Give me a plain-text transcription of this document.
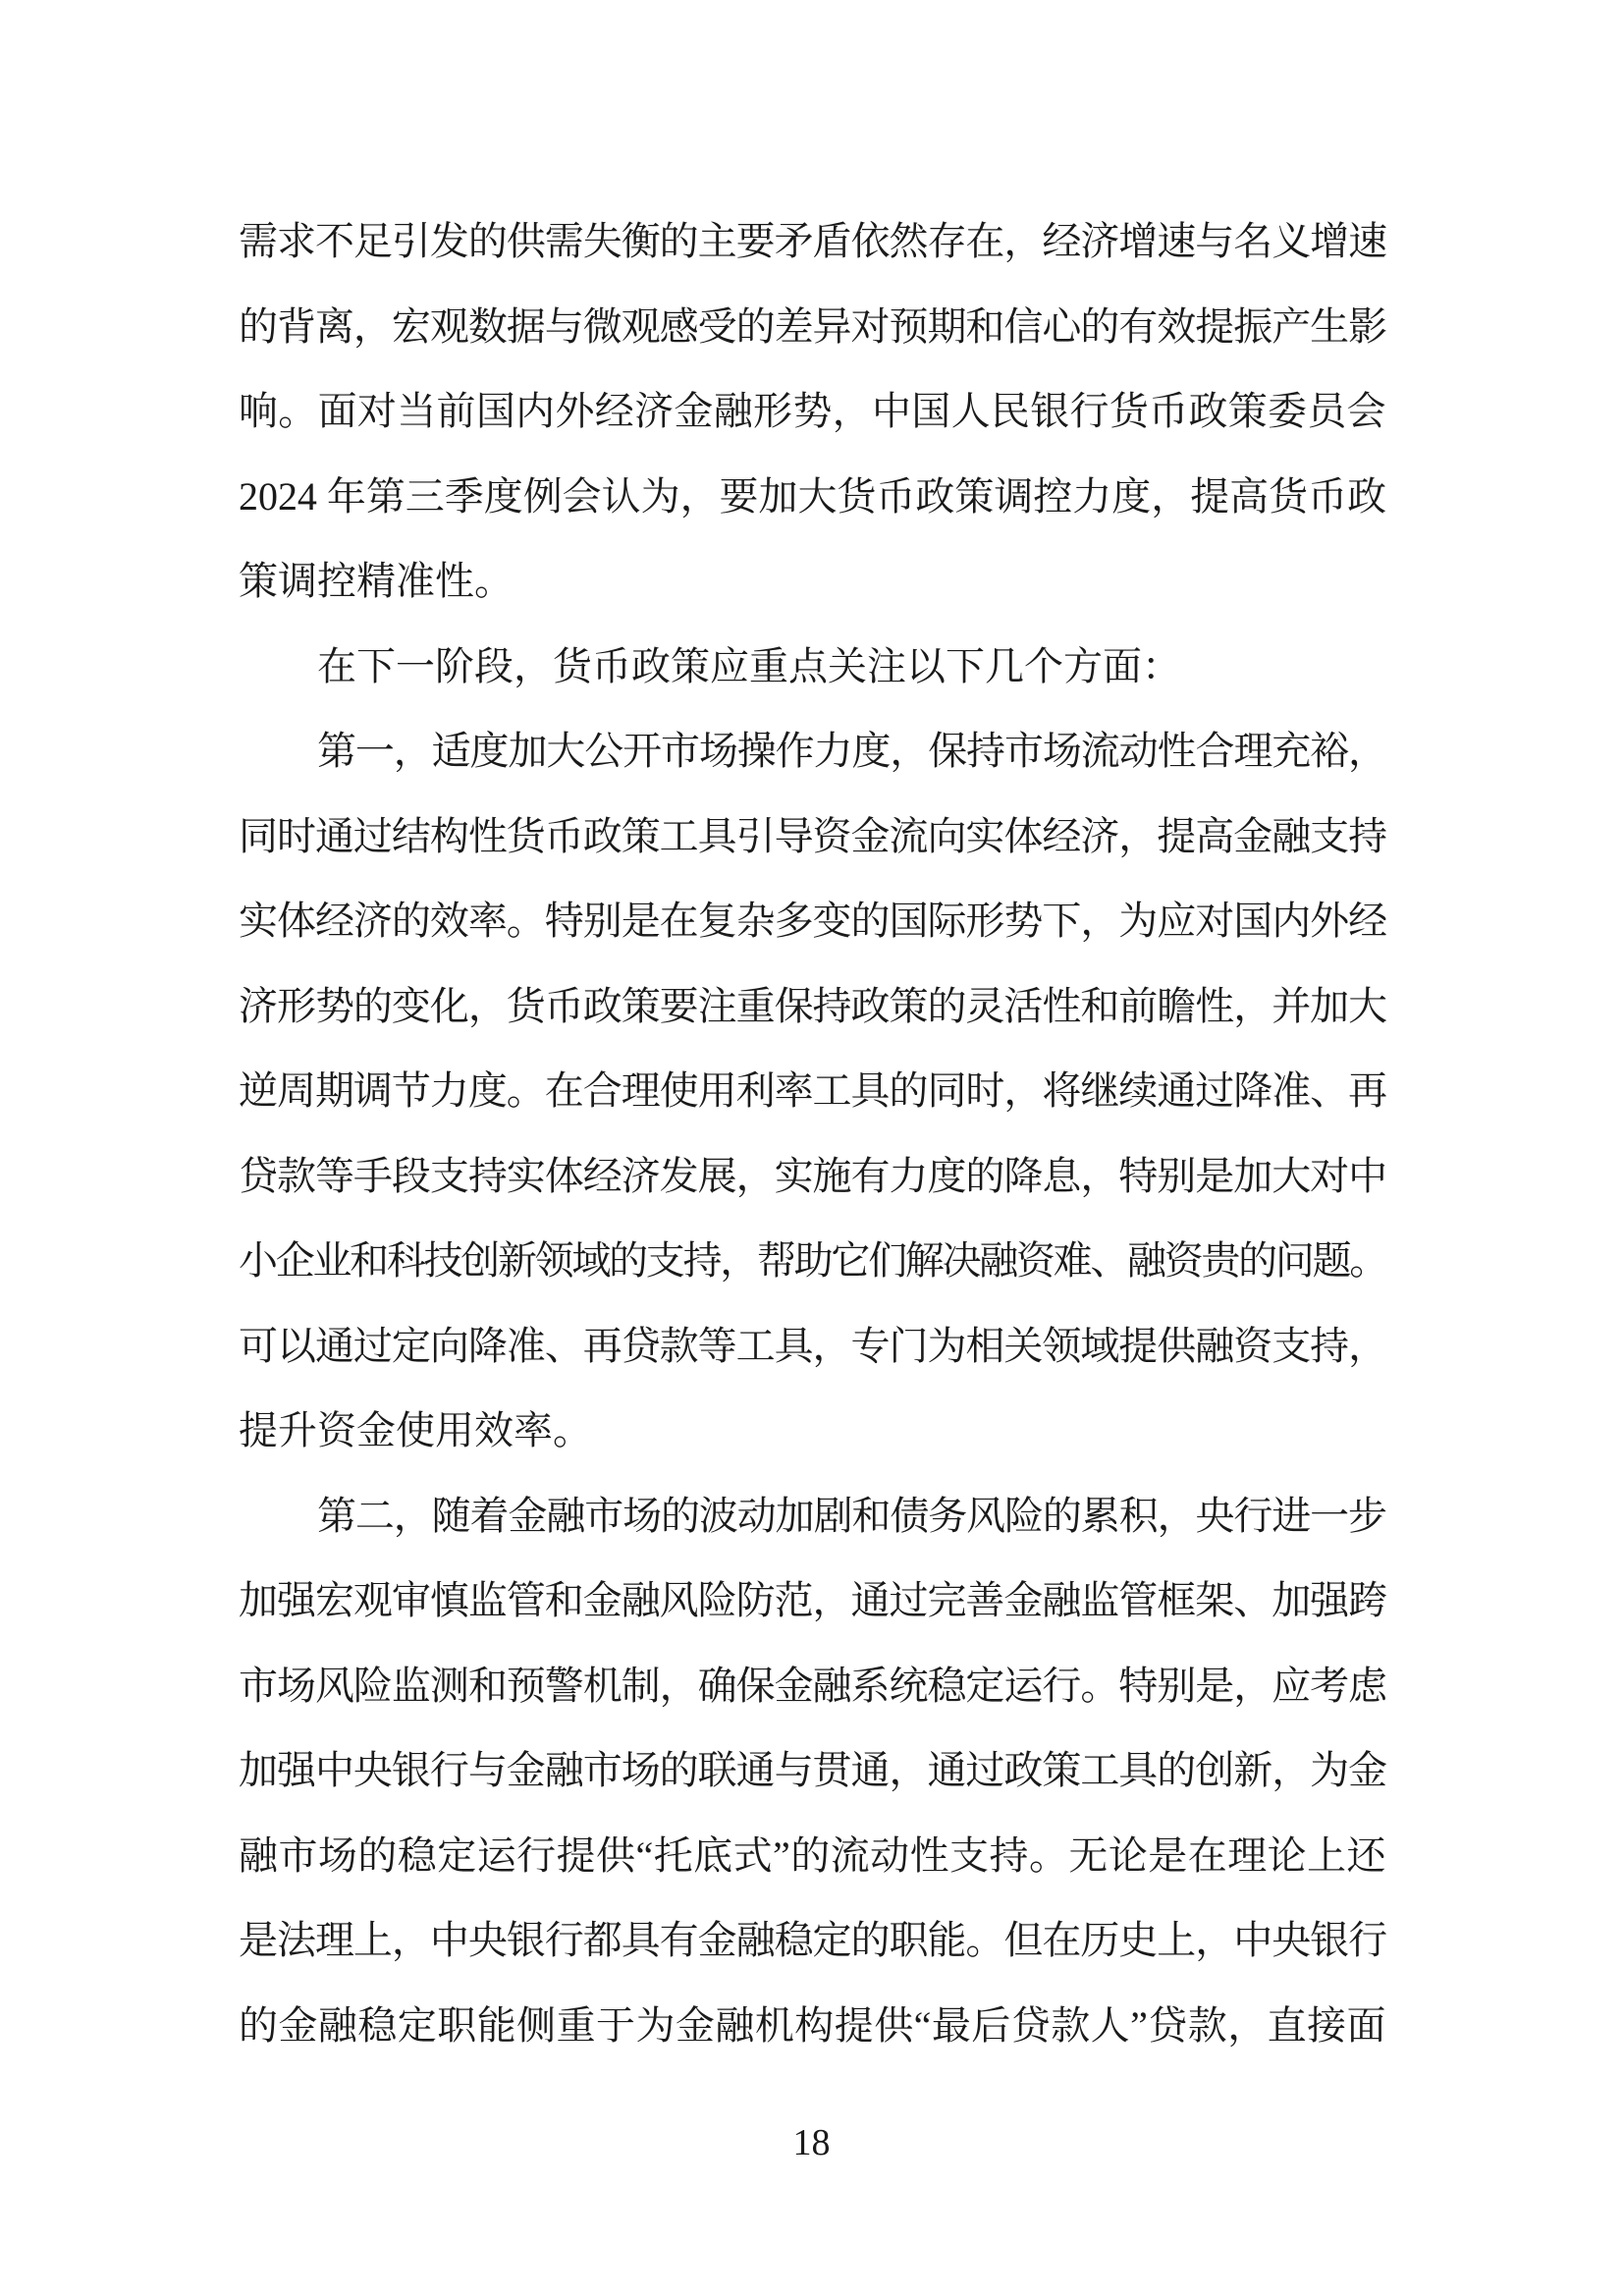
需求不足引发的供需失衡的主要矛盾依然存在，经济增速与名义增速
的背离，宏观数据与微观感受的差异对预期和信心的有效提振产生影
响。面对当前国内外经济金融形势，中国人民银行货币政策委员会
2024 年第三季度例会认为，要加大货币政策调控力度，提高货币政
策调控精准性。
在下一阶段，货币政策应重点关注以下几个方面：
第一，适度加大公开市场操作力度，保持市场流动性合理充裕，
同时通过结构性货币政策工具引导资金流向实体经济，提高金融支持
实体经济的效率。特别是在复杂多变的国际形势下，为应对国内外经
济形势的变化，货币政策要注重保持政策的灵活性和前瞻性，并加大
逆周期调节力度。在合理使用利率工具的同时，将继续通过降准、再
贷款等手段支持实体经济发展，实施有力度的降息，特别是加大对中
小企业和科技创新领域的支持，帮助它们解决融资难、融资贵的问题。
可以通过定向降准、再贷款等工具，专门为相关领域提供融资支持，
提升资金使用效率。
第二，随着金融市场的波动加剧和债务风险的累积，央行进一步
加强宏观审慎监管和金融风险防范，通过完善金融监管框架、加强跨
市场风险监测和预警机制，确保金融系统稳定运行。特别是，应考虑
加强中央银行与金融市场的联通与贯通，通过政策工具的创新，为金
融市场的稳定运行提供“托底式”的流动性支持。无论是在理论上还
是法理上，中央银行都具有金融稳定的职能。但在历史上，中央银行
的金融稳定职能侧重于为金融机构提供“最后贷款人”贷款，直接面
18
